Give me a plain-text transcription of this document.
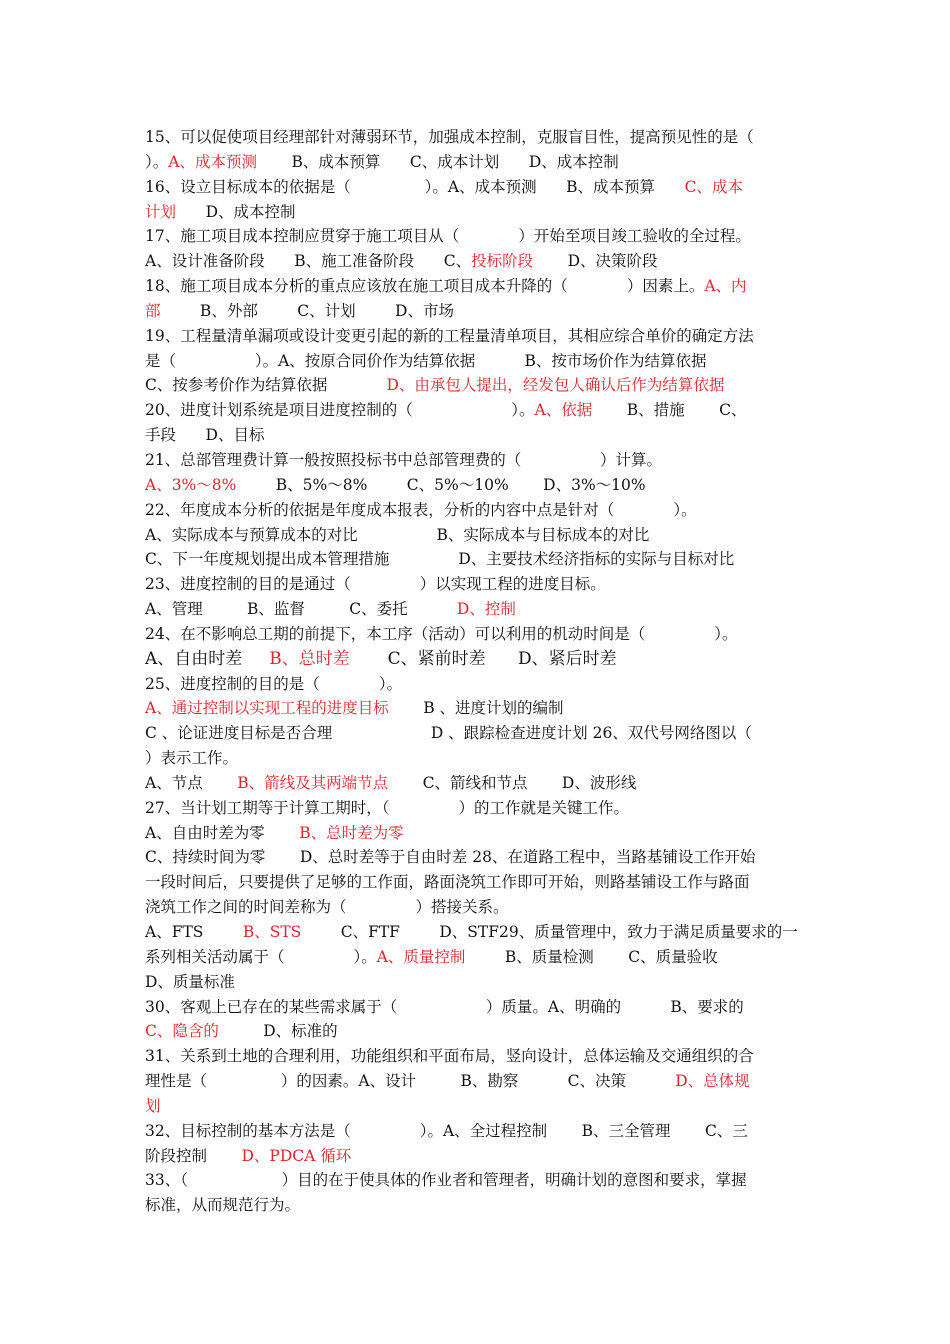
15、可以促使项目经理部针对薄弱环节，加强成本控制，克服盲目性，提高预见性的是（
）。A、成本预测       B、成本预算      C、成本计划      D、成本控制
16、设立目标成本的依据是（               ）。A、成本预测      B、成本预算      C、成本
计划      D、成本控制
17、施工项目成本控制应贯穿于施工项目从（            ）开始至项目竣工验收的全过程。
A、设计准备阶段      B、施工准备阶段      C、投标阶段       D、决策阶段
18、施工项目成本分析的重点应该放在施工项目成本升降的（            ）因素上。A、内
部        B、外部        C、计划        D、市场
19、工程量清单漏项或设计变更引起的新的工程量清单项目，其相应综合单价的确定方法
是（                ）。A、按原合同价作为结算依据          B、按市场价作为结算依据
C、按参考价作为结算依据            D、由承包人提出，经发包人确认后作为结算依据
20、进度计划系统是项目进度控制的（                    ）。A、依据       B、措施       C、
手段      D、目标
21、总部管理费计算一般按照投标书中总部管理费的（                ）计算。
A、3%～8%        B、5%～8%        C、5%～10%       D、3%～10%
22、年度成本分析的依据是年度成本报表，分析的内容中点是针对（            ）。
A、实际成本与预算成本的对比                B、实际成本与目标成本的对比
C、下一年度规划提出成本管理措施              D、主要技术经济指标的实际与目标对比
23、进度控制的目的是通过（              ）以实现工程的进度目标。
A、管理         B、监督         C、委托          D、控制
24、在不影响总工期的前提下，本工序（活动）可以利用的机动时间是（              ）。
A、自由时差     B、总时差       C、紧前时差      D、紧后时差
25、进度控制的目的是（            ）。
A、通过控制以实现工程的进度目标       B 、进度计划的编制
C 、论证进度目标是否合理                    D 、跟踪检查进度计划 26、双代号网络图以（
）表示工作。
A、节点       B、箭线及其两端节点       C、箭线和节点       D、波形线
27、当计划工期等于计算工期时，（              ）的工作就是关键工作。
A、自由时差为零       B、总时差为零
C、持续时间为零       D、总时差等于自由时差 28、在道路工程中，当路基铺设工作开始
一段时间后，只要提供了足够的工作面，路面浇筑工作即可开始，则路基铺设工作与路面
浇筑工作之间的时间差称为（              ）搭接关系。
A、FTS        B、STS        C、FTF        D、STF29、质量管理中，致力于满足质量要求的一
系列相关活动属于（              ）。A、质量控制        B、质量检测       C、质量验收
D、质量标准
30、客观上已存在的某些需求属于（                  ）质量。A、明确的          B、要求的
C、隐含的         D、标准的
31、关系到土地的合理利用，功能组织和平面布局，竖向设计，总体运输及交通组织的合
理性是（               ）的因素。A、设计         B、勘察          C、决策          D、总体规
划
32、目标控制的基本方法是（              ）。A、全过程控制       B、三全管理       C、三
阶段控制       D、PDCA 循环
33、（                   ）目的在于使具体的作业者和管理者，明确计划的意图和要求，掌握
标准，从而规范行为。
